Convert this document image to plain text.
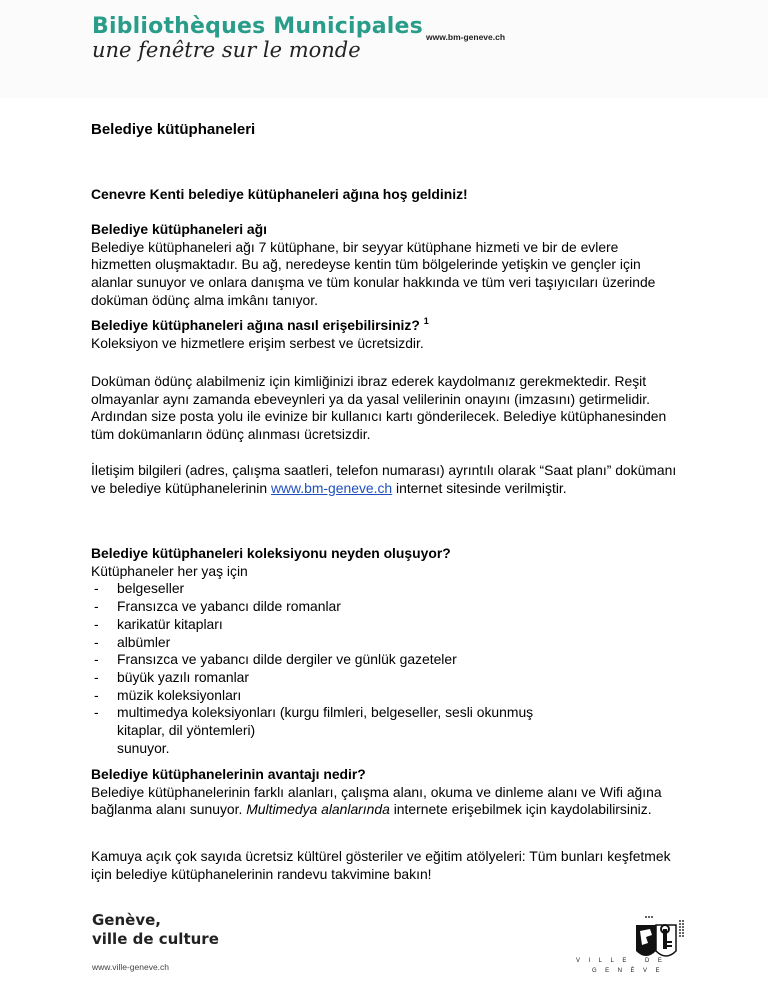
Bibliothèques Municipales
une fenêtre sur le monde
www.bm-geneve.ch
Belediye kütüphaneleri

Cenevre Kenti belediye kütüphaneleri ağına hoş geldiniz!

Belediye kütüphaneleri ağı

Belediye kütüphaneleri ağı 7 kütüphane, bir seyyar kütüphane hizmeti ve bir de evlere hizmetten oluşmaktadır. Bu ağ, neredeyse kentin tüm bölgelerinde yetişkin ve gençler için alanlar sunuyor ve onlara danışma ve tüm konular hakkında ve tüm veri taşıyıcıları üzerinde doküman ödünç alma imkânı tanıyor.

Belediye kütüphaneleri ağına nasıl erişebilirsiniz? $^1$

Koleksiyon ve hizmetlere erişim serbest ve ücretsizdir.

Doküman ödünç alabilmeniz için kimliğinizi ibraz ederek kaydolmanız gerekmektedir. Reşit olmayanlar aynı zamanda ebeveynleri ya da yasal velilerinin onayını (imzasını) getirmelidir. Ardından size posta yolu ile evinize bir kullanıcı kartı gönderilecek. Belediye kütüphanesinden tüm dokümanların ödünç alınması ücretsizdir.

İletişim bilgileri (adres, çalışma saatleri, telefon numarası) ayrıntılı olarak “Saat planı” dokümanı ve belediye kütüphanelerinin www.bm-geneve.ch internet sitesinde verilmiştir.

Belediye kütüphaneleri koleksiyonu neyden oluşuyor?

Kütüphaneler her yaş için

- belgeseller
- Fransızca ve yabancı dilde romanlar
- karikatür kitapları
- albümler
- Fransızca ve yabancı dilde dergiler ve günlük gazeteler
- büyük yazılı romanlar
- müzik koleksiyonları
- multimedya koleksiyonları (kurgu filmleri, belgeseller, sesli okunmuş kitaplar, dil yöntemleri)

sunuyor.

Belediye kütüphanelerinin avantajı nedir?

Belediye kütüphanelerinin farklı alanları, çalışma alanı, okuma ve dinleme alanı ve Wifi ağına bağlanma alanı sunuyor. Multimedya alanlarında internete erişebilmek için kaydolabilirsiniz.

Kamuya açık çok sayıda ücretsiz kültürel gösteriler ve eğitim atölyeleri: Tüm bunları keşfetmek için belediye kütüphanelerinin randevu takvimine bakın!

Genève,
ville de culture
www.ville-geneve.ch
VILLE DE
GENÈVE
